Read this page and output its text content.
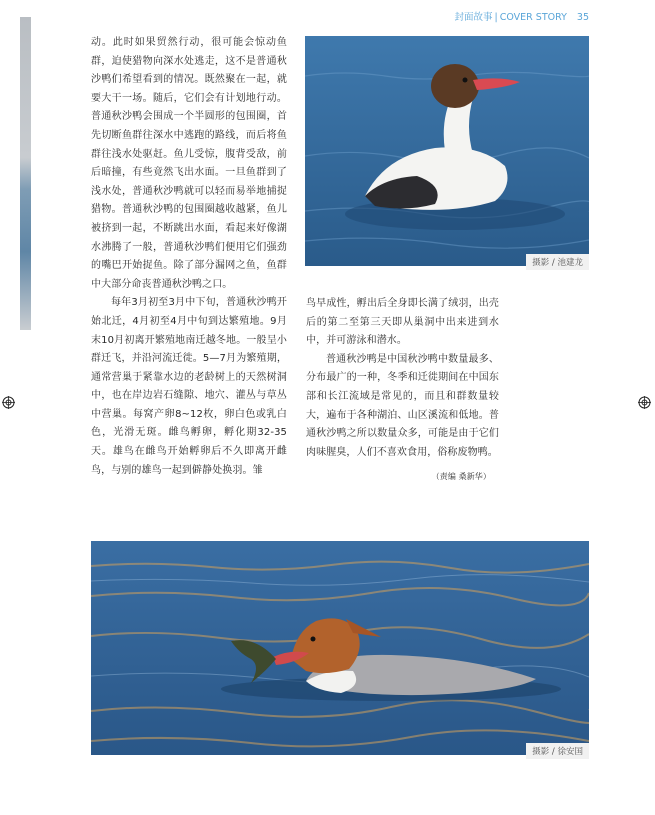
封面故事 | COVER STORY 35

动。此时如果贸然行动，很可能会惊动鱼群，迫使猎物向深水处逃走，这不是普通秋沙鸭们希望看到的情况。既然聚在一起，就要大干一场。随后，它们会有计划地行动。普通秋沙鸭会围成一个半圆形的包围圈，首先切断鱼群往深水中逃跑的路线，而后将鱼群往浅水处驱赶。鱼儿受惊，腹背受敌，前后暗撞，有些竟然飞出水面。一旦鱼群到了浅水处，普通秋沙鸭就可以轻而易举地捕捉猎物。普通秋沙鸭的包围圈越收越紧，鱼儿被挤到一起，不断跳出水面，看起来好像湖水沸腾了一般，普通秋沙鸭们便用它们强劲的嘴巴开始捉鱼。除了部分漏网之鱼，鱼群中大部分命丧普通秋沙鸭之口。

每年3月初至3月中下旬，普通秋沙鸭开始北迁，4月初至4月中旬到达繁殖地。9月末10月初离开繁殖地南迁越冬地。一般呈小群迁飞，并沿河流迁徙。5—7月为繁殖期，通常营巢于紧靠水边的老龄树上的天然树洞中，也在岸边岩石缝隙、地穴、灌丛与草丛中营巢。每窝产卵8~12枚，卵白色或乳白色，光滑无斑。雌鸟孵卵，孵化期32-35天。雄鸟在雌鸟开始孵卵后不久即离开雌鸟，与别的雄鸟一起到僻静处换羽。雏

鸟早成性，孵出后全身即长满了绒羽，出壳后的第二至第三天即从巢洞中出来进到水中，并可游泳和潜水。

普通秋沙鸭是中国秋沙鸭中数量最多、分布最广的一种，冬季和迁徙期间在中国东部和长江流域是常见的，而且和群数量较大，遍布于各种湖泊、山区溪流和低地。普通秋沙鸭之所以数量众多，可能是由于它们肉味腥臭，人们不喜欢食用，俗称废物鸭。

（责编 桑新华）
摄影 / 池建龙
摄影 / 徐安国
